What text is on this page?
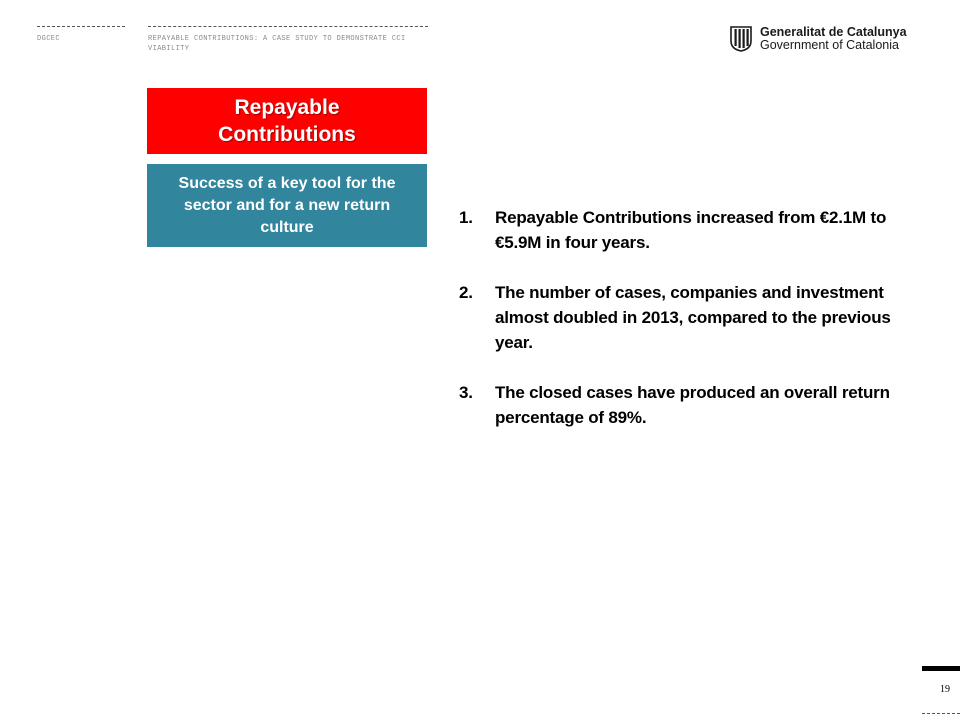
DGCEC	REPAYABLE CONTRIBUTIONS: A CASE STUDY TO DEMONSTRATE CCI VIABILITY
Generalitat de Catalunya
Government of Catalonia
Repayable Contributions
Success of a key tool for the sector and for a new return culture	1. Repayable Contributions increased from €2.1M to €5.9M in four years.
2. The number of cases, companies and investment almost doubled in 2013, compared to the previous year.
3. The closed cases have produced an overall return percentage of 89%.
19
